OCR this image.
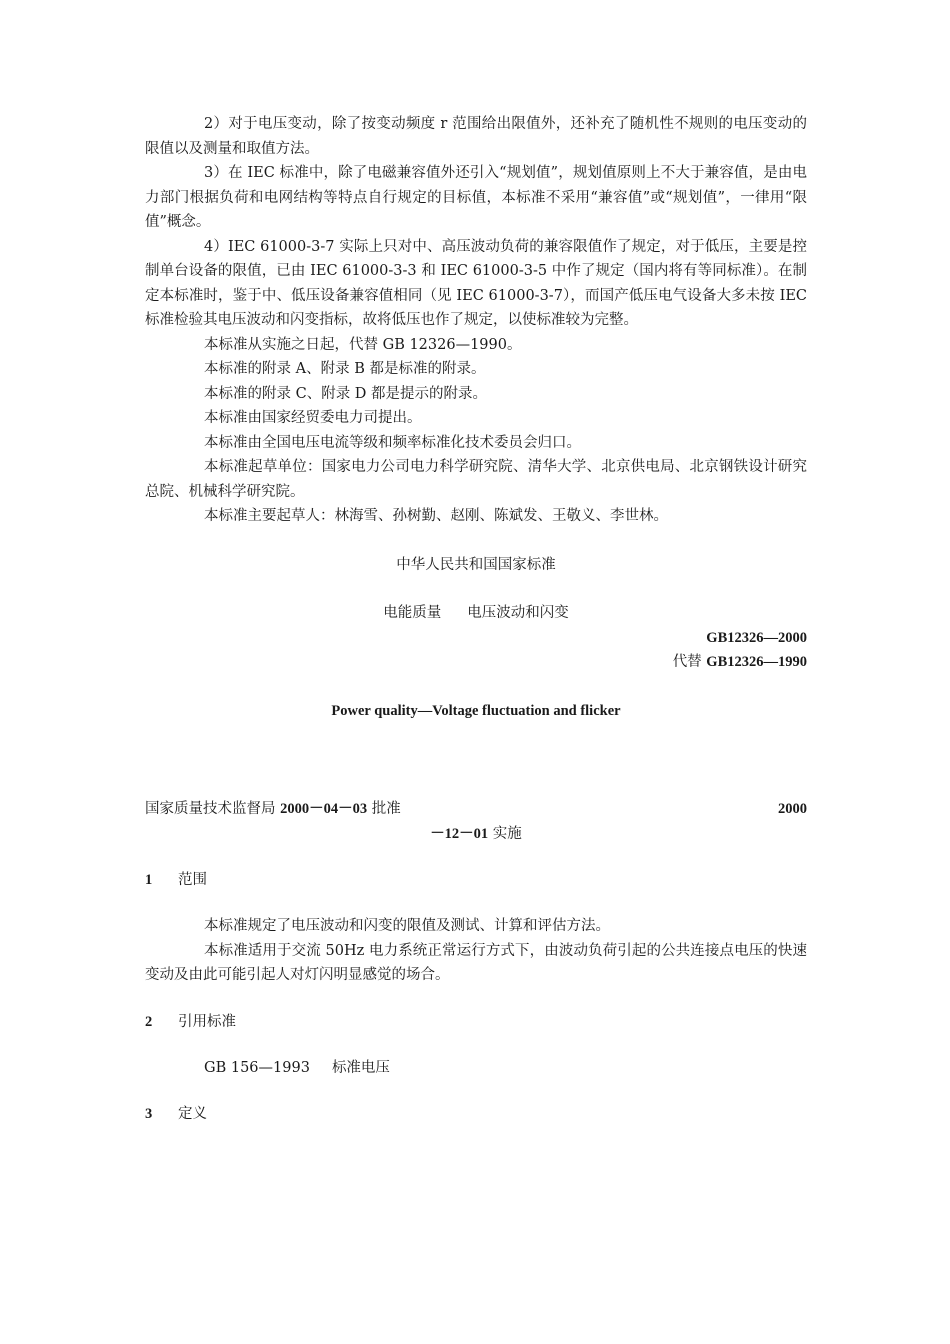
2）对于电压变动，除了按变动频度 r 范围给出限值外，还补充了随机性不规则的电压变动的限值以及测量和取值方法。

3）在 IEC 标准中，除了电磁兼容值外还引入“规划值”，规划值原则上不大于兼容值，是由电力部门根据负荷和电网结构等特点自行规定的目标值，本标准不采用“兼容值”或“规划值”，一律用“限值”概念。

4）IEC 61000-3-7 实际上只对中、高压波动负荷的兼容限值作了规定，对于低压，主要是控制单台设备的限值，已由 IEC 61000-3-3 和 IEC 61000-3-5 中作了规定（国内将有等同标准）。在制定本标准时，鉴于中、低压设备兼容值相同（见 IEC 61000-3-7），而国产低压电气设备大多未按 IEC 标准检验其电压波动和闪变指标，故将低压也作了规定，以使标准较为完整。

本标准从实施之日起，代替 GB 12326—1990。

本标准的附录 A、附录 B 都是标准的附录。

本标准的附录 C、附录 D 都是提示的附录。

本标准由国家经贸委电力司提出。

本标准由全国电压电流等级和频率标准化技术委员会归口。

本标准起草单位：国家电力公司电力科学研究院、清华大学、北京供电局、北京钢铁设计研究总院、机械科学研究院。

本标准主要起草人：林海雪、孙树勤、赵刚、陈斌发、王敬义、李世林。

中华人民共和国国家标准

电能质量 电压波动和闪变

GB12326—2000

代替 GB12326—1990

Power quality—Voltage fluctuation and flicker

国家质量技术监督局 2000－04－03 批准	2000

－12－01 实施

1	范围

本标准规定了电压波动和闪变的限值及测试、计算和评估方法。

本标准适用于交流 50Hz 电力系统正常运行方式下，由波动负荷引起的公共连接点电压的快速变动及由此可能引起人对灯闪明显感觉的场合。

2	引用标准

GB 156—1993 标准电压

3	定义
